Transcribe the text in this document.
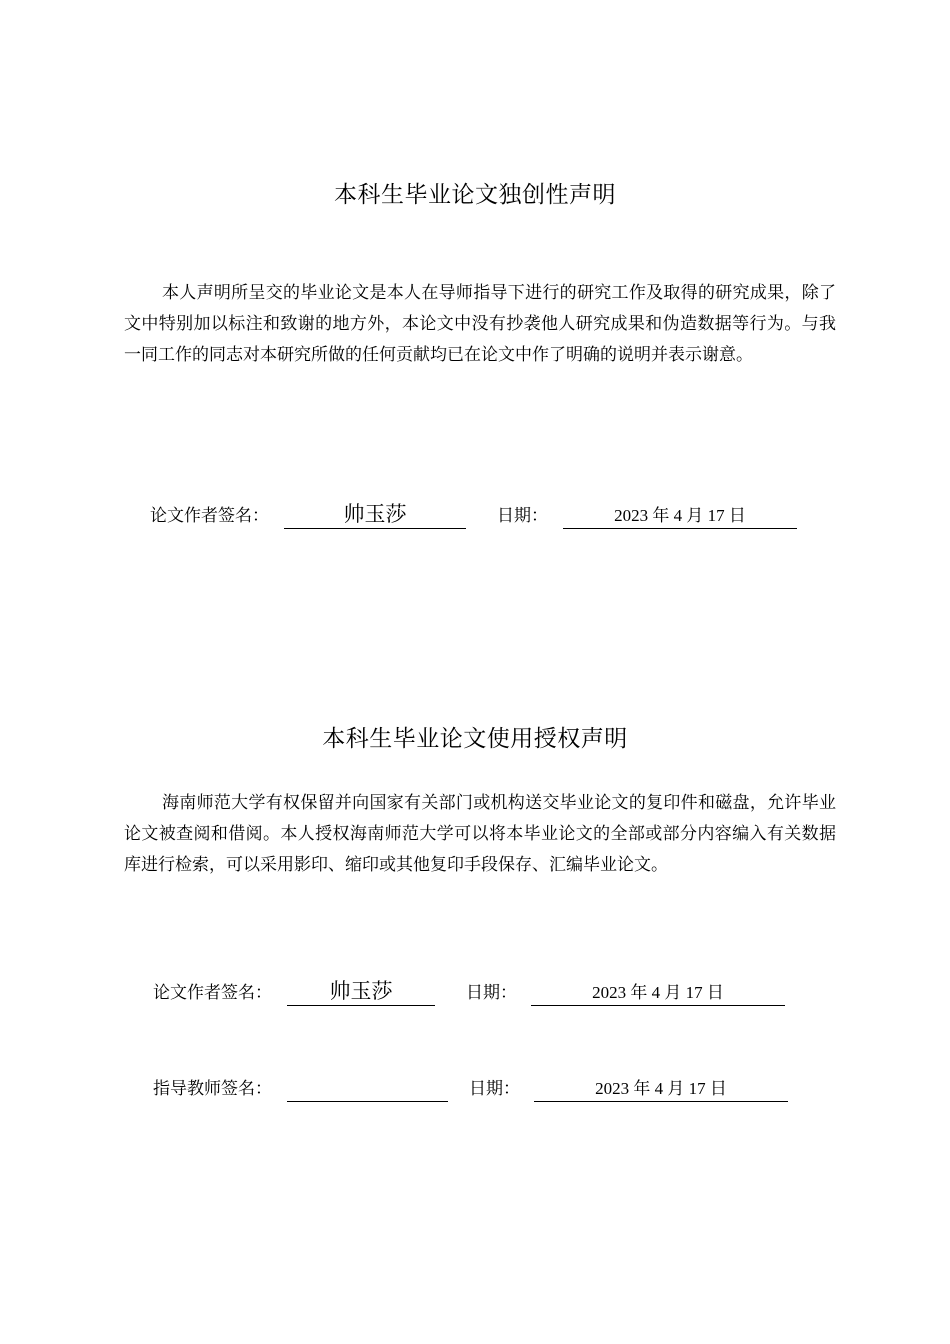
本科生毕业论文独创性声明

本人声明所呈交的毕业论文是本人在导师指导下进行的研究工作及取得的研究成果，除了文中特别加以标注和致谢的地方外，本论文中没有抄袭他人研究成果和伪造数据等行为。与我一同工作的同志对本研究所做的任何贡献均已在论文中作了明确的说明并表示谢意。

论文作者签名：	帅玉莎	日期：	2023 年 4 月 17 日
本科生毕业论文使用授权声明

海南师范大学有权保留并向国家有关部门或机构送交毕业论文的复印件和磁盘，允许毕业论文被查阅和借阅。本人授权海南师范大学可以将本毕业论文的全部或部分内容编入有关数据库进行检索，可以采用影印、缩印或其他复印手段保存、汇编毕业论文。

论文作者签名：	帅玉莎	日期：	2023 年 4 月 17 日
指导教师签名：	日期：	2023 年 4 月 17 日
